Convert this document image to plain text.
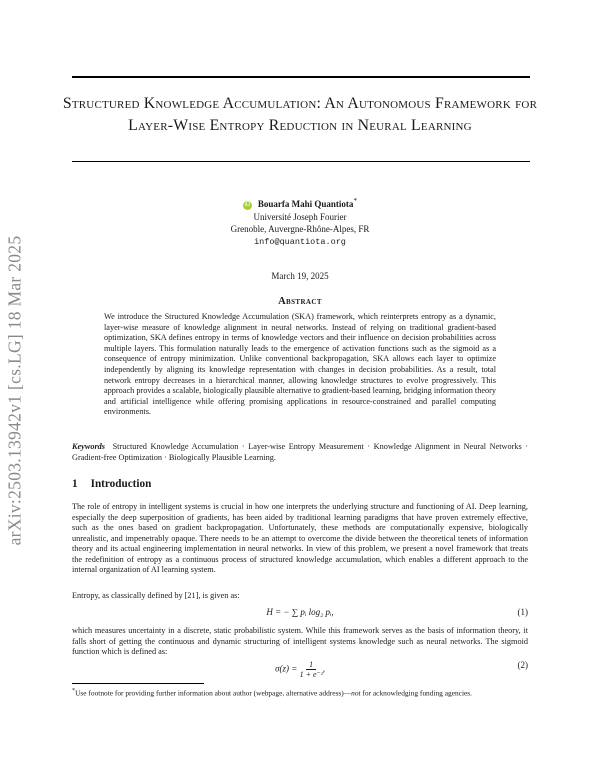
arXiv:2503.13942v1 [cs.LG] 18 Mar 2025
Structured Knowledge Accumulation: An Autonomous Framework for Layer-Wise Entropy Reduction in Neural Learning
iD Bouarfa Mahi Quantiota*
Université Joseph Fourier
Grenoble, Auvergne-Rhône-Alpes, FR
info@quantiota.org
March 19, 2025
Abstract

We introduce the Structured Knowledge Accumulation (SKA) framework, which reinterprets entropy as a dynamic, layer-wise measure of knowledge alignment in neural networks. Instead of relying on traditional gradient-based optimization, SKA defines entropy in terms of knowledge vectors and their influence on decision probabilities across multiple layers. This formulation naturally leads to the emergence of activation functions such as the sigmoid as a consequence of entropy minimization. Unlike conventional backpropagation, SKA allows each layer to optimize independently by aligning its knowledge representation with changes in decision probabilities. As a result, total network entropy decreases in a hierarchical manner, allowing knowledge structures to evolve progressively. This approach provides a scalable, biologically plausible alternative to gradient-based learning, bridging information theory and artificial intelligence while offering promising applications in resource-constrained and parallel computing environments.

Keywords Structured Knowledge Accumulation · Layer-wise Entropy Measurement · Knowledge Alignment in Neural Networks · Gradient-free Optimization · Biologically Plausible Learning.

1 Introduction

The role of entropy in intelligent systems is crucial in how one interprets the underlying structure and functioning of AI. Deep learning, especially the deep superposition of gradients, has been aided by traditional learning paradigms that have proven extremely effective, such as the ones based on gradient backpropagation. Unfortunately, these methods are computationally expensive, biologically unrealistic, and impenetrably opaque. There needs to be an attempt to overcome the divide between the theoretical tenets of information theory and its actual engineering implementation in neural networks. In view of this problem, we present a novel framework that treats the redefinition of entropy as a continuous process of structured knowledge accumulation, which enables a different approach to the internal organization of AI learning system.

Entropy, as classically defined by [21], is given as:

H = − ∑ pᵢ log₂ pᵢ,	(1)

which measures uncertainty in a discrete, static probabilistic system. While this framework serves as the basis of information theory, it falls short of getting the continuous and dynamic structuring of intelligent systems knowledge such as neural networks. The sigmoid function which is defined as:

$\sigma(z) = \frac{1}{\text{1 + e⁻ᶻ}}$ ,	(2)

*Use footnote for providing further information about author (webpage, alternative address)—not for acknowledging funding agencies.
